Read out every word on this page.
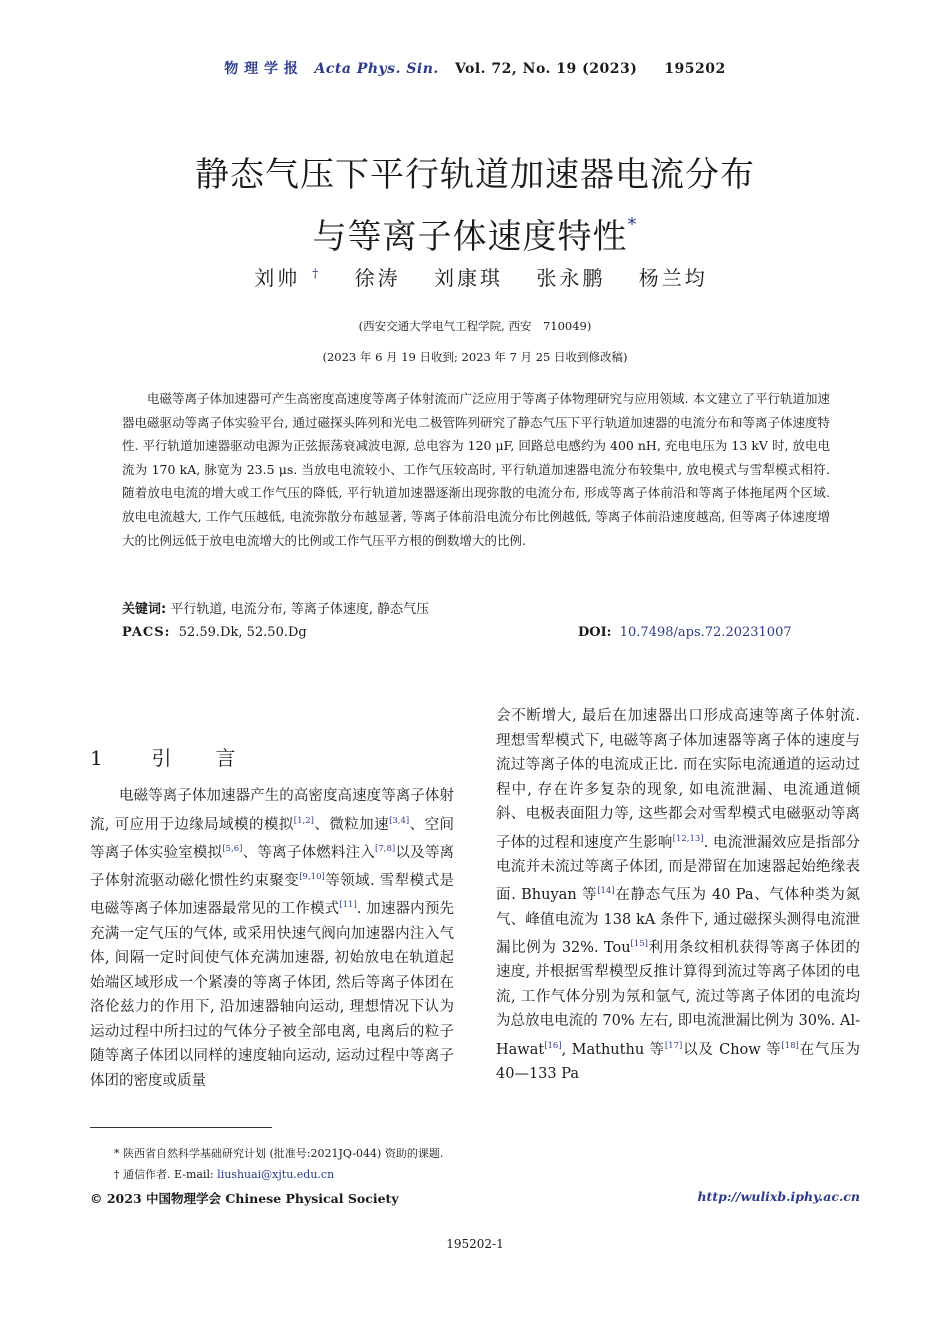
物 理 学 报 Acta Phys. Sin. Vol. 72, No. 19 (2023) 195202
静态气压下平行轨道加速器电流分布
与等离子体速度特性*
刘帅 † 徐涛 刘康琪 张永鹏 杨兰均
(西安交通大学电气工程学院, 西安　710049)
(2023 年 6 月 19 日收到; 2023 年 7 月 25 日收到修改稿)
电磁等离子体加速器可产生高密度高速度等离子体射流而广泛应用于等离子体物理研究与应用领域. 本文建立了平行轨道加速器电磁驱动等离子体实验平台, 通过磁探头阵列和光电二极管阵列研究了静态气压下平行轨道加速器的电流分布和等离子体速度特性. 平行轨道加速器驱动电源为正弦振荡衰减波电源, 总电容为 120 μF, 回路总电感约为 400 nH, 充电电压为 13 kV 时, 放电电流为 170 kA, 脉宽为 23.5 μs. 当放电电流较小、工作气压较高时, 平行轨道加速器电流分布较集中, 放电模式与雪犁模式相符. 随着放电电流的增大或工作气压的降低, 平行轨道加速器逐渐出现弥散的电流分布, 形成等离子体前沿和等离子体拖尾两个区域. 放电电流越大, 工作气压越低, 电流弥散分布越显著, 等离子体前沿电流分布比例越低, 等离子体前沿速度越高, 但等离子体速度增大的比例远低于放电电流增大的比例或工作气压平方根的倒数增大的比例.
关键词: 平行轨道, 电流分布, 等离子体速度, 静态气压
PACS: 52.59.Dk, 52.50.Dg	DOI: 10.7498/aps.72.20231007
1 引　言
电磁等离子体加速器产生的高密度高速度等离子体射流, 可应用于边缘局域模的模拟[1,2]、微粒加速[3,4]、空间等离子体实验室模拟[5,6]、等离子体燃料注入[7,8]以及等离子体射流驱动磁化惯性约束聚变[9,10]等领域. 雪犁模式是电磁等离子体加速器最常见的工作模式[11]. 加速器内预先充满一定气压的气体, 或采用快速气阀向加速器内注入气体, 间隔一定时间使气体充满加速器, 初始放电在轨道起始端区域形成一个紧凑的等离子体团, 然后等离子体团在洛伦兹力的作用下, 沿加速器轴向运动, 理想情况下认为运动过程中所扫过的气体分子被全部电离, 电离后的粒子随等离子体团以同样的速度轴向运动, 运动过程中等离子体团的密度或质量
会不断增大, 最后在加速器出口形成高速等离子体射流. 理想雪犁模式下, 电磁等离子体加速器等离子体的速度与流过等离子体的电流成正比. 而在实际电流通道的运动过程中, 存在许多复杂的现象, 如电流泄漏、电流通道倾斜、电极表面阻力等, 这些都会对雪犁模式电磁驱动等离子体的过程和速度产生影响[12,13]. 电流泄漏效应是指部分电流并未流过等离子体团, 而是滞留在加速器起始绝缘表面. Bhuyan 等[14]在静态气压为 40 Pa、气体种类为氮气、峰值电流为 138 kA 条件下, 通过磁探头测得电流泄漏比例为 32%. Tou[15]利用条纹相机获得等离子体团的速度, 并根据雪犁模型反推计算得到流过等离子体团的电流, 工作气体分别为氖和氩气, 流过等离子体团的电流均为总放电电流的 70% 左右, 即电流泄漏比例为 30%. Al-Hawat[16], Mathuthu 等[17]以及 Chow 等[18]在气压为 40—133 Pa
* 陕西省自然科学基础研究计划 (批准号:2021JQ-044) 资助的课题.
† 通信作者. E-mail: liushuai@xjtu.edu.cn
© 2023 中国物理学会 Chinese Physical Society	http://wulixb.iphy.ac.cn
195202-1
